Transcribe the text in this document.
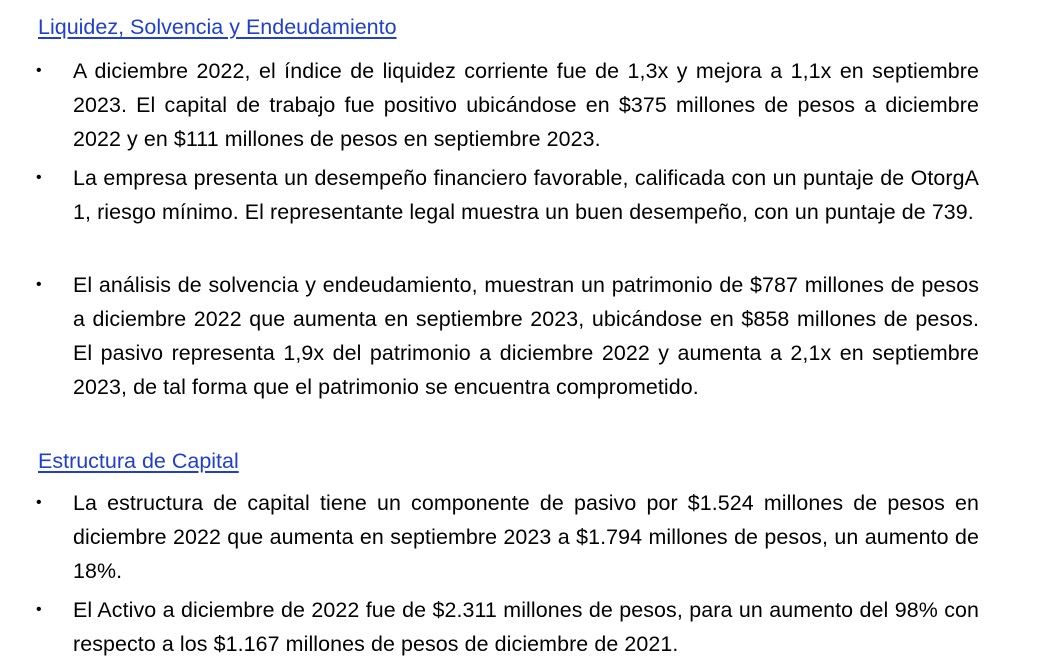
Liquidez, Solvencia y Endeudamiento
• A diciembre 2022, el índice de liquidez corriente fue de 1,3x y mejora a 1,1x en septiembre 2023. El capital de trabajo fue positivo ubicándose en $375 millones de pesos a diciembre 2022 y en $111 millones de pesos en septiembre 2023.

• La empresa presenta un desempeño financiero favorable, calificada con un puntaje de OtorgA 1, riesgo mínimo. El representante legal muestra un buen desempeño, con un puntaje de 739.

• El análisis de solvencia y endeudamiento, muestran un patrimonio de $787 millones de pesos a diciembre 2022 que aumenta en septiembre 2023, ubicándose en $858 millones de pesos. El pasivo representa 1,9x del patrimonio a diciembre 2022 y aumenta a 2,1x en septiembre 2023, de tal forma que el patrimonio se encuentra comprometido.

Estructura de Capital
• La estructura de capital tiene un componente de pasivo por $1.524 millones de pesos en diciembre 2022 que aumenta en septiembre 2023 a $1.794 millones de pesos, un aumento de 18%.

• El Activo a diciembre de 2022 fue de $2.311 millones de pesos, para un aumento del 98% con respecto a los $1.167 millones de pesos de diciembre de 2021.
